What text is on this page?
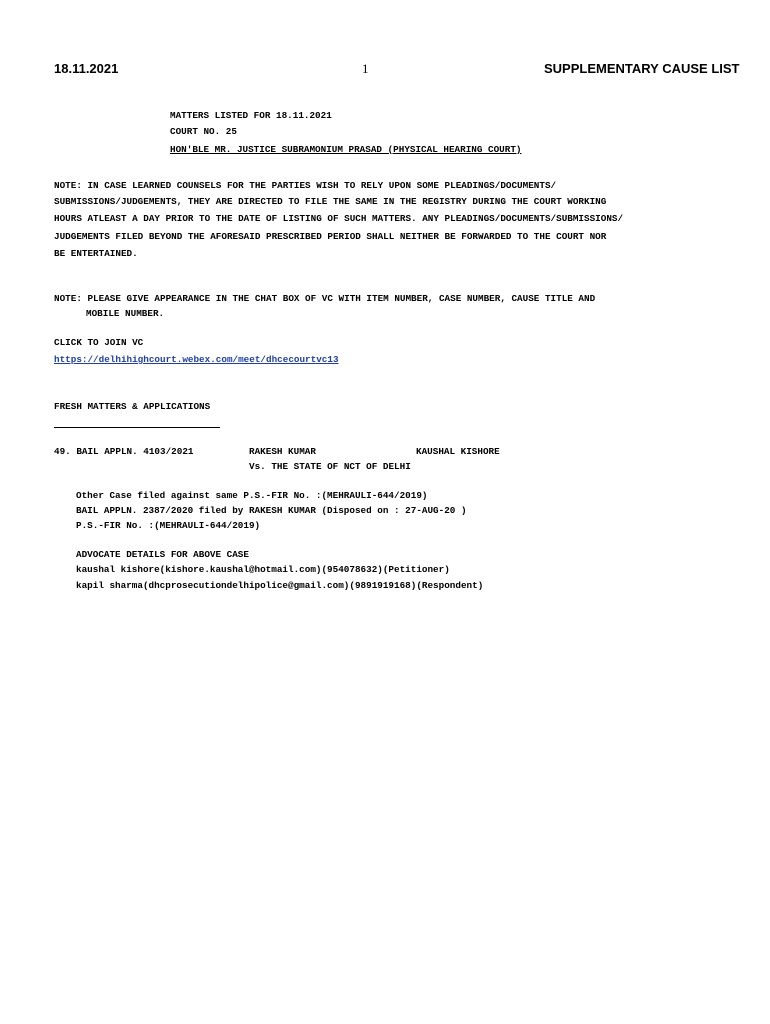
18.11.2021	1	SUPPLEMENTARY CAUSE LIST
MATTERS LISTED FOR 18.11.2021
COURT NO. 25
HON'BLE MR. JUSTICE SUBRAMONIUM PRASAD (PHYSICAL HEARING COURT)
NOTE: IN CASE LEARNED COUNSELS FOR THE PARTIES WISH TO RELY UPON SOME PLEADINGS/DOCUMENTS/
SUBMISSIONS/JUDGEMENTS, THEY ARE DIRECTED TO FILE THE SAME IN THE REGISTRY DURING THE COURT WORKING
HOURS ATLEAST A DAY PRIOR TO THE DATE OF LISTING OF SUCH MATTERS. ANY PLEADINGS/DOCUMENTS/SUBMISSIONS/
JUDGEMENTS FILED BEYOND THE AFORESAID PRESCRIBED PERIOD SHALL NEITHER BE FORWARDED TO THE COURT NOR
BE ENTERTAINED.
NOTE: PLEASE GIVE APPEARANCE IN THE CHAT BOX OF VC WITH ITEM NUMBER, CASE NUMBER, CAUSE TITLE AND
MOBILE NUMBER.
CLICK TO JOIN VC
https://delhihighcourt.webex.com/meet/dhcecourtvc13
FRESH MATTERS & APPLICATIONS
49. BAIL APPLN. 4103/2021	RAKESH KUMAR	KAUSHAL KISHORE
Vs. THE STATE OF NCT OF DELHI
Other Case filed against same P.S.-FIR No. :(MEHRAULI-644/2019)
BAIL APPLN. 2387/2020 filed by RAKESH KUMAR (Disposed on : 27-AUG-20 )
P.S.-FIR No. :(MEHRAULI-644/2019)
ADVOCATE DETAILS FOR ABOVE CASE
kaushal kishore(kishore.kaushal@hotmail.com)(954078632)(Petitioner)
kapil sharma(dhcprosecutiondelhipolice@gmail.com)(9891919168)(Respondent)
